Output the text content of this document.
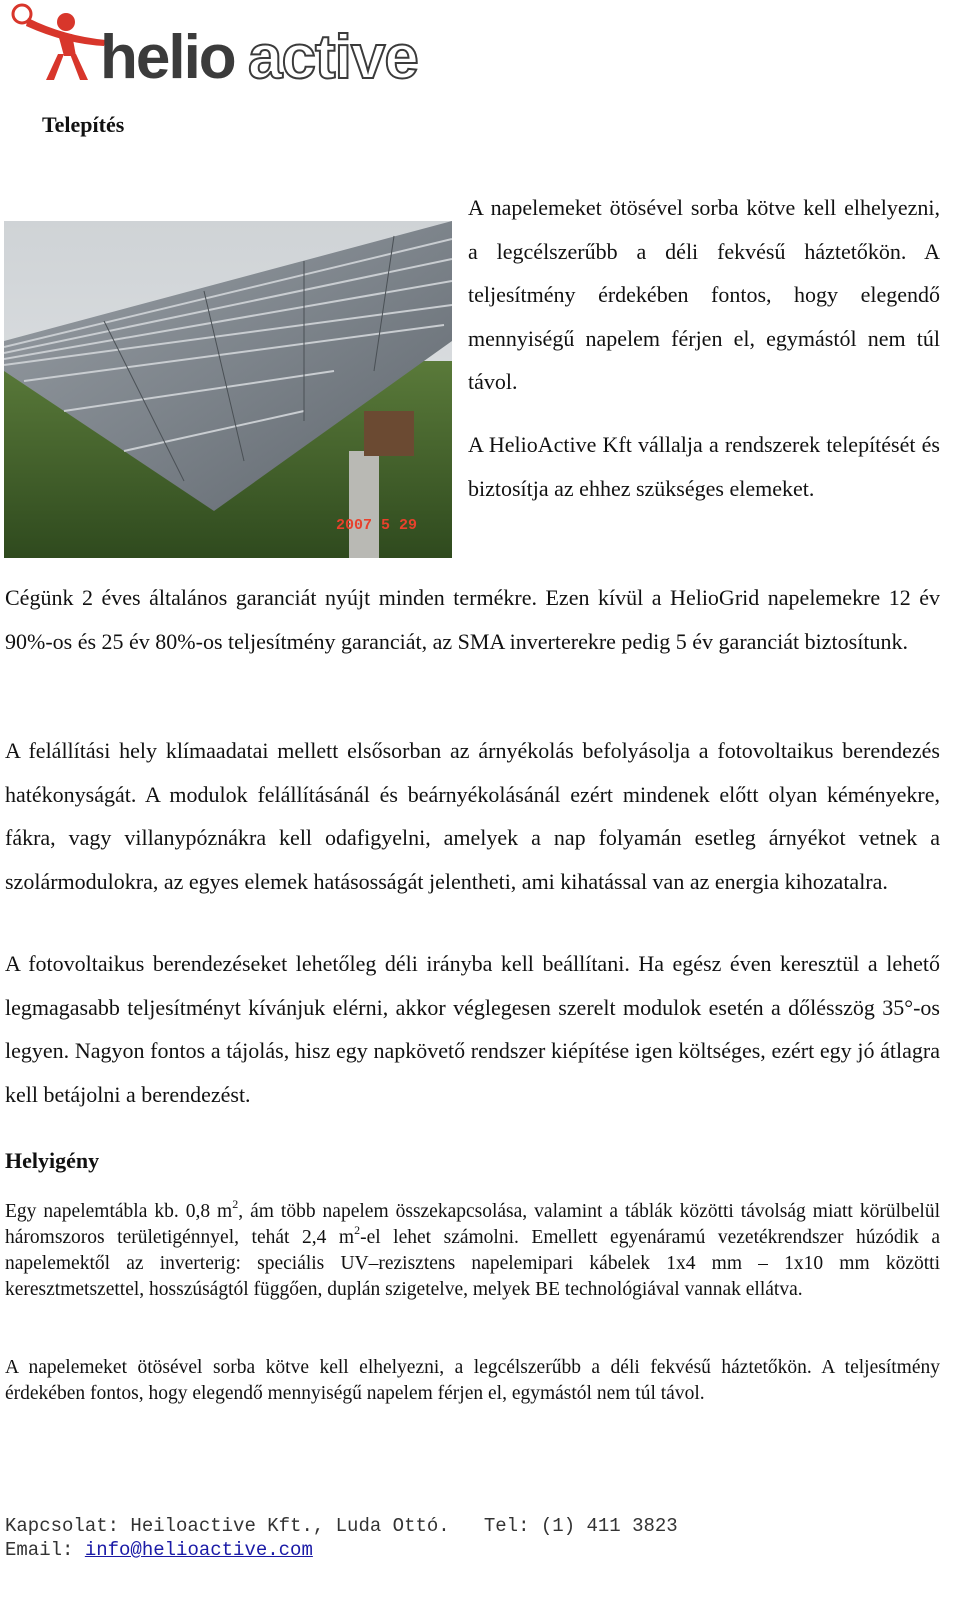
helio active
Telepítés
2007 5 29

A napelemeket ötösével sorba kötve kell elhelyezni, a legcélszerűbb a déli fekvésű háztetőkön. A teljesítmény érdekében fontos, hogy elegendő mennyiségű napelem férjen el, egymástól nem túl távol.

A HelioActive Kft vállalja a rendszerek telepítését és biztosítja az ehhez szükséges elemeket.

Cégünk 2 éves általános garanciát nyújt minden termékre. Ezen kívül a HelioGrid napelemekre 12 év 90%-os és 25 év 80%-os teljesítmény garanciát, az SMA inverterekre pedig 5 év garanciát biztosítunk.

A felállítási hely klímaadatai mellett elsősorban az árnyékolás befolyásolja a fotovoltaikus berendezés hatékonyságát. A modulok felállításánál és beárnyékolásánál ezért mindenek előtt olyan kéményekre, fákra, vagy villanypóznákra kell odafigyelni, amelyek a nap folyamán esetleg árnyékot vetnek a szolármodulokra, az egyes elemek hatásosságát jelentheti, ami kihatással van az energia kihozatalra.

A fotovoltaikus berendezéseket lehetőleg déli irányba kell beállítani. Ha egész éven keresztül a lehető legmagasabb teljesítményt kívánjuk elérni, akkor véglegesen szerelt modulok esetén a dőlésszög 35°-os legyen. Nagyon fontos a tájolás, hisz egy napkövető rendszer kiépítése igen költséges, ezért egy jó átlagra kell betájolni a berendezést.

Helyigény

Egy napelemtábla kb. 0,8 $m^2$, ám több napelem összekapcsolása, valamint a táblák közötti távolság miatt körülbelül háromszoros területigénnyel, tehát 2,4 $m^2-el$ lehet számolni. Emellett egyenáramú vezetékrendszer húzódik a napelemektől az inverterig: speciális UV–rezisztens napelemipari kábelek 1x4 mm – 1x10 mm közötti keresztmetszettel, hosszúságtól függően, duplán szigetelve, melyek BE technológiával vannak ellátva.

A napelemeket ötösével sorba kötve kell elhelyezni, a legcélszerűbb a déli fekvésű háztetőkön. A teljesítmény érdekében fontos, hogy elegendő mennyiségű napelem férjen el, egymástól nem túl távol.

Kapcsolat: Heiloactive Kft., Luda Ottó.   Tel: (1) 411 3823
Email: info@helioactive.com
